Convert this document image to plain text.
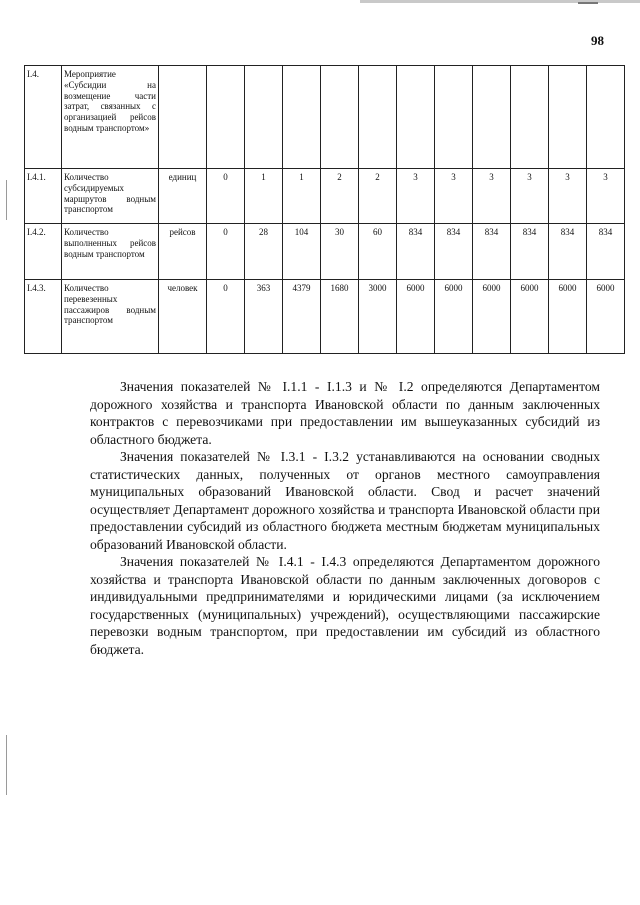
98
I.4.	Мероприятие «Субсидии на возмещение части затрат, связанных с организацией рейсов водным транспортом»												
I.4.1.	Количество субсидируемых маршрутов водным транспортом	единиц	0	1	1	2	2	3	3	3	3	3	3
I.4.2.	Количество выполненных рейсов водным транспортом	рейсов	0	28	104	30	60	834	834	834	834	834	834
I.4.3.	Количество перевезенных пассажиров водным транспортом	человек	0	363	4379	1680	3000	6000	6000	6000	6000	6000	6000

Значения показателей № I.1.1 - I.1.3 и № I.2 определяются Департаментом дорожного хозяйства и транспорта Ивановской области по данным заключенных контрактов с перевозчиками при предоставлении им вышеуказанных субсидий из областного бюджета.

Значения показателей № I.3.1 - I.3.2 устанавливаются на основании сводных статистических данных, полученных от органов местного самоуправления муниципальных образований Ивановской области. Свод и расчет значений осуществляет Департамент дорожного хозяйства и транспорта Ивановской области при предоставлении субсидий из областного бюджета местным бюджетам муниципальных образований Ивановской области.

Значения показателей № I.4.1 - I.4.3 определяются Департаментом дорожного хозяйства и транспорта Ивановской области по данным заключенных договоров с индивидуальными предпринимателями и юридическими лицами (за исключением государственных (муниципальных) учреждений), осуществляющими пассажирские перевозки водным транспортом, при предоставлении им субсидий из областного бюджета.
